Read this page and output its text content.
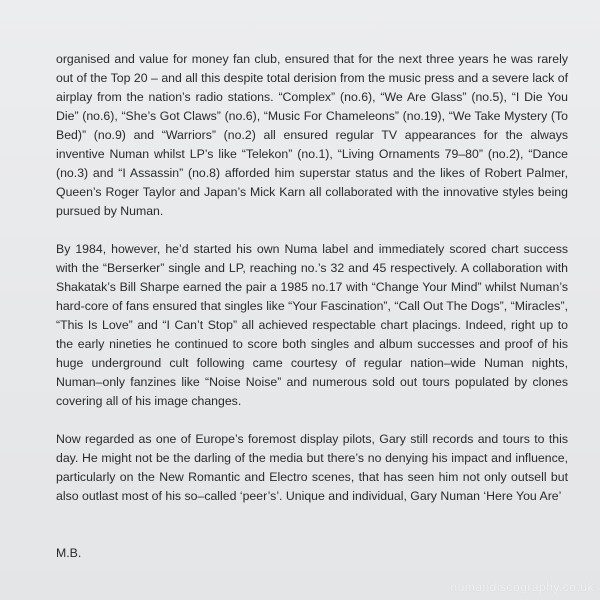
organised and value for money fan club, ensured that for the next three years he was rarely out of the Top 20 – and all this despite total derision from the music press and a severe lack of airplay from the nation’s radio stations. “Complex” (no.6), “We Are Glass” (no.5), “I Die You Die” (no.6), “She’s Got Claws” (no.6), “Music For Chameleons” (no.19), “We Take Mystery (To Bed)” (no.9) and “Warriors” (no.2) all ensured regular TV appearances for the always inventive Numan whilst LP’s like “Telekon” (no.1), “Living Ornaments 79–80” (no.2), “Dance (no.3) and “I Assassin” (no.8) afforded him superstar status and the likes of Robert Palmer, Queen’s Roger Taylor and Japan’s Mick Karn all collaborated with the innovative styles being pursued by Numan.

By 1984, however, he’d started his own Numa label and immediately scored chart success with the “Berserker” single and LP, reaching no.’s 32 and 45 respectively. A collaboration with Shakatak’s Bill Sharpe earned the pair a 1985 no.17 with “Change Your Mind” whilst Numan’s hard-core of fans ensured that singles like “Your Fascination”, “Call Out The Dogs”, “Miracles”, “This Is Love” and “I Can’t Stop” all achieved respectable chart placings. Indeed, right up to the early nineties he continued to score both singles and album successes and proof of his huge underground cult following came courtesy of regular nation–wide Numan nights, Numan–only fanzines like “Noise Noise” and numerous sold out tours populated by clones covering all of his image changes.

Now regarded as one of Europe’s foremost display pilots, Gary still records and tours to this day. He might not be the darling of the media but there’s no denying his impact and influence, particularly on the New Romantic and Electro scenes, that has seen him not only outsell but also outlast most of his so–called ‘peer’s’. Unique and individual, Gary Numan ‘Here You Are’

M.B.
numandiscography.co.uk
